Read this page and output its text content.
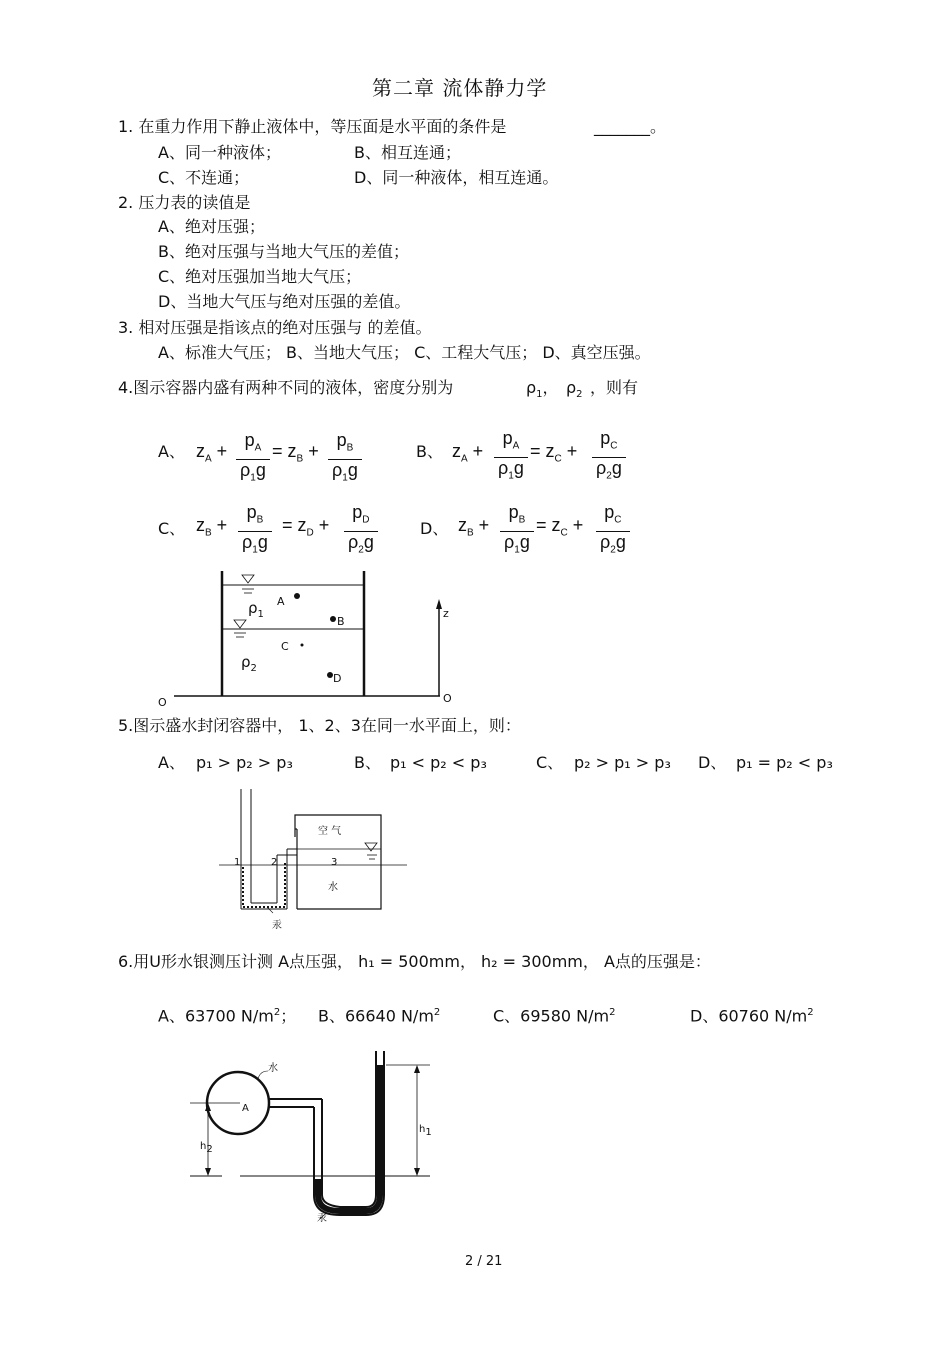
第二章 流体静力学
1. 在重力作用下静止液体中，等压面是水平面的条件是	_______。
A、同一种液体；	B、相互连通；
C、不连通；	D、同一种液体，相互连通。
2. 压力表的读值是
A、绝对压强；
B、绝对压强与当地大气压的差值；
C、绝对压强加当地大气压；
D、当地大气压与绝对压强的差值。
3. 相对压强是指该点的绝对压强与 的差值。
A、标准大气压； B、当地大气压； C、工程大气压； D、真空压强。
4.图示容器内盛有两种不同的液体，密度分别为	$\rho_1$， $\rho_2$ ，则有
A、 $z_A$ +
$p_A$
$\rho_1g$
= $z_B$ +
$p_B$
$\rho_1g$
B、 $z_A$ +
$p_A$
$\rho_1g$
= $z_C$ +
$p_C$
$\rho_2g$
C、 $z_B$ +
$p_B$
$\rho_1g$
= $z_D$ +
$p_D$
$\rho_2g$
D、 $z_B$ +
$p_B$
$\rho_1g$
= $z_C$ +
$p_C$
$\rho_2g$
A
B
C
D
$\rho_1$
$\rho_2$
z
O	O
5.图示盛水封闭容器中， 1、2、3在同一水平面上，则：
A、 p₁ > p₂ > p₃	B、 p₁ < p₂ < p₃	C、 p₂ > p₁ > p₃ D、 p₁ = p₂ < p₃
空 气
水
汞
1	2	3
6.用U形水银测压计测 A点压强， h₁ = 500mm， h₂ = 300mm， A点的压强是：
A、63700 $N/m^2$； B、66640 $N/m^2$	C、69580 $N/m^2$	D、60760 $N/m^2$
水
A
$h_1$
$h_2$
汞
2 / 21
